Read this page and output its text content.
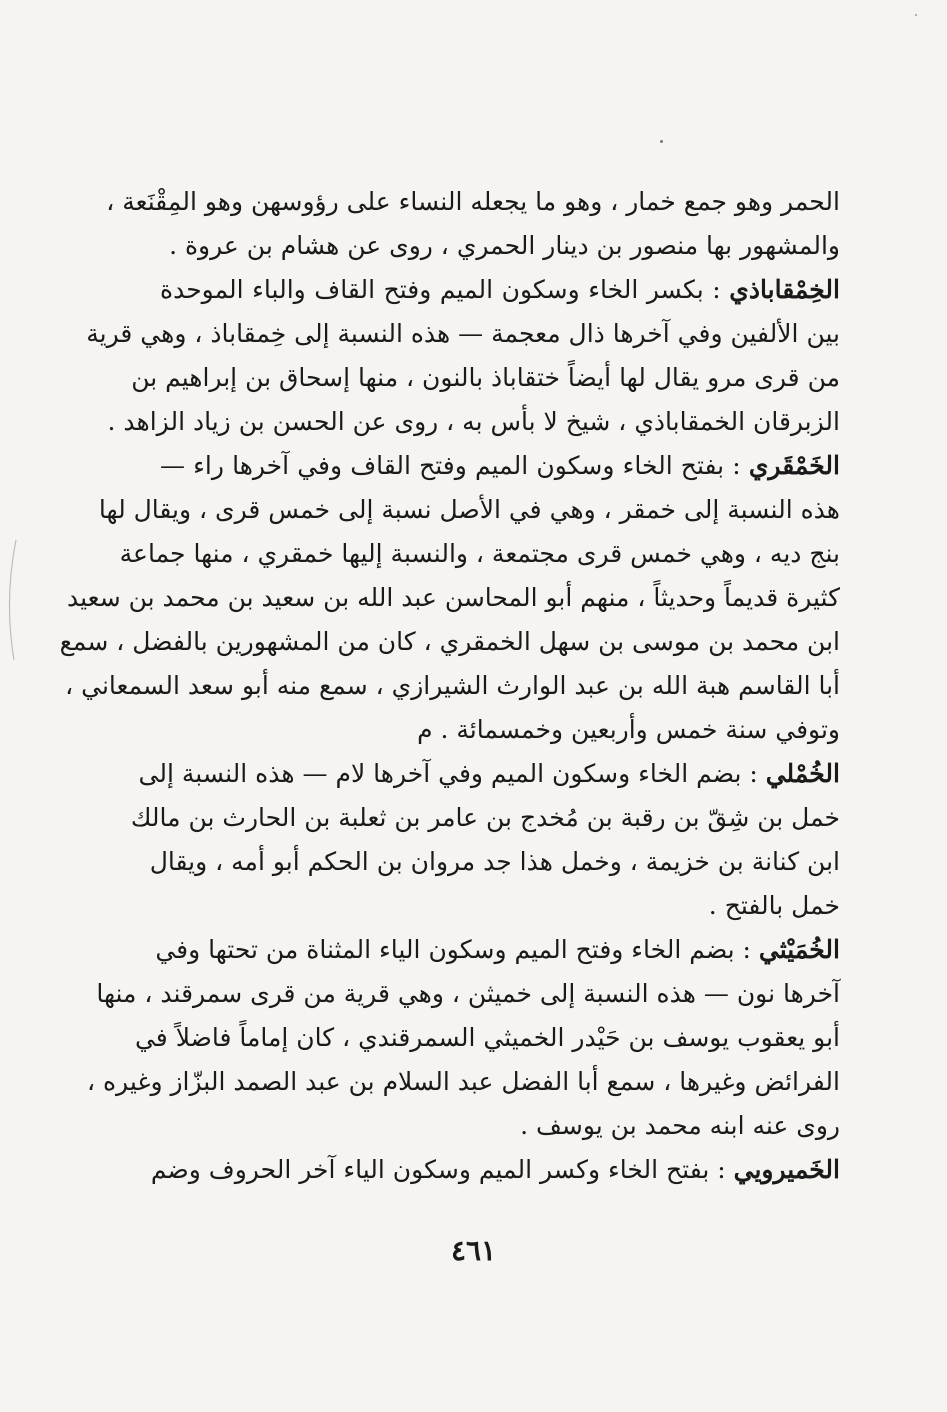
الحمر وهو جمع خمار ، وهو ما يجعله النساء على رؤوسهن وهو المِقْنَعة ،
والمشهور بها منصور بن دينار الحمري ، روى عن هشام بن عروة .
الخِمْقاباذي : بكسر الخاء وسكون الميم وفتح القاف والباء الموحدة
بين الألفين وفي آخرها ذال معجمة — هذه النسبة إلى خِمقاباذ ، وهي قرية
من قرى مرو يقال لها أيضاً ختقاباذ بالنون ، منها إسحاق بن إبراهيم بن
الزبرقان الخمقاباذي ، شيخ لا بأس به ، روى عن الحسن بن زياد الزاهد .
الخَمْقَري : بفتح الخاء وسكون الميم وفتح القاف وفي آخرها راء —
هذه النسبة إلى خمقر ، وهي في الأصل نسبة إلى خمس قرى ، ويقال لها
بنج ديه ، وهي خمس قرى مجتمعة ، والنسبة إليها خمقري ، منها جماعة
كثيرة قديماً وحديثاً ، منهم أبو المحاسن عبد الله بن سعيد بن محمد بن سعيد
ابن محمد بن موسى بن سهل الخمقري ، كان من المشهورين بالفضل ، سمع
أبا القاسم هبة الله بن عبد الوارث الشيرازي ، سمع منه أبو سعد السمعاني ،
وتوفي سنة خمس وأربعين وخمسمائة . م
الخُمْلي : بضم الخاء وسكون الميم وفي آخرها لام — هذه النسبة إلى
خمل بن شِقّ بن رقبة بن مُخدج بن عامر بن ثعلبة بن الحارث بن مالك
ابن كنانة بن خزيمة ، وخمل هذا جد مروان بن الحكم أبو أمه ، ويقال
خمل بالفتح .
الخُمَيْثي : بضم الخاء وفتح الميم وسكون الياء المثناة من تحتها وفي
آخرها نون — هذه النسبة إلى خميثن ، وهي قرية من قرى سمرقند ، منها
أبو يعقوب يوسف بن حَيْدر الخميثي السمرقندي ، كان إماماً فاضلاً في
الفرائض وغيرها ، سمع أبا الفضل عبد السلام بن عبد الصمد البزّاز وغيره ،
روى عنه ابنه محمد بن يوسف .
الخَميرويي : بفتح الخاء وكسر الميم وسكون الياء آخر الحروف وضم
٤٦١
